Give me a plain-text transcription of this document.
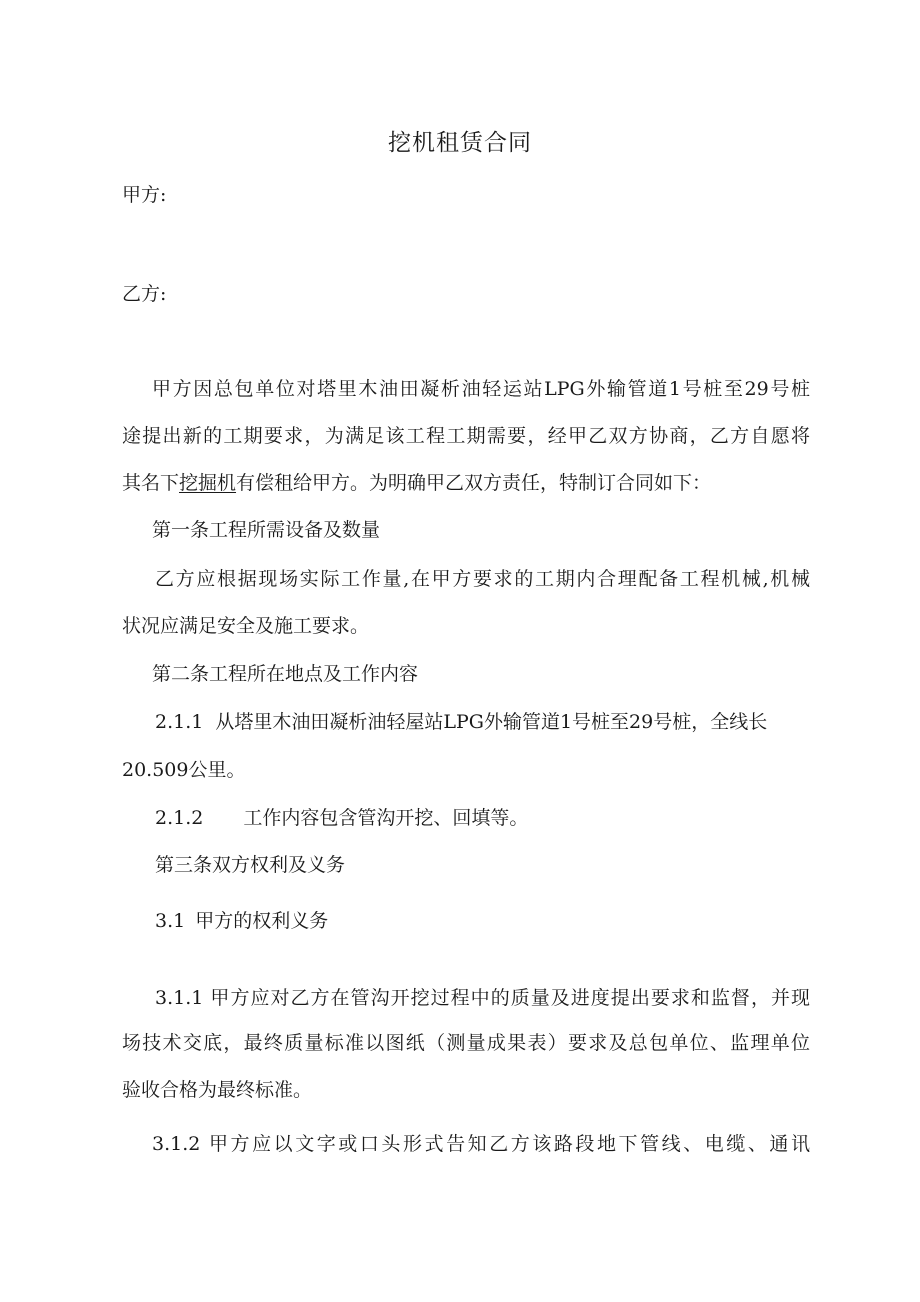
挖机租赁合同
甲方:
乙方:
甲方因总包单位对塔里木油田凝析油轻运站LPG外输管道1号桩至29号桩
途提出新的工期要求，为满足该工程工期需要，经甲乙双方协商，乙方自愿将
其名下挖掘机有偿租给甲方。为明确甲乙双方责任，特制订合同如下：
第一条工程所需设备及数量
乙方应根据现场实际工作量,在甲方要求的工期内合理配备工程机械,机械
状况应满足安全及施工要求。
第二条工程所在地点及工作内容
2.1.1 从塔里木油田凝析油轻屋站LPG外输管道1号桩至29号桩，全线长
20.509公里。
2.1.2 工作内容包含管沟开挖、回填等。
第三条双方权利及义务
3.1 甲方的权利义务
3.1.1 甲方应对乙方在管沟开挖过程中的质量及进度提出要求和监督，并现
场技术交底，最终质量标准以图纸（测量成果表）要求及总包单位、监理单位
验收合格为最终标准。
3.1.2 甲方应以文字或口头形式告知乙方该路段地下管线、电缆、通讯
